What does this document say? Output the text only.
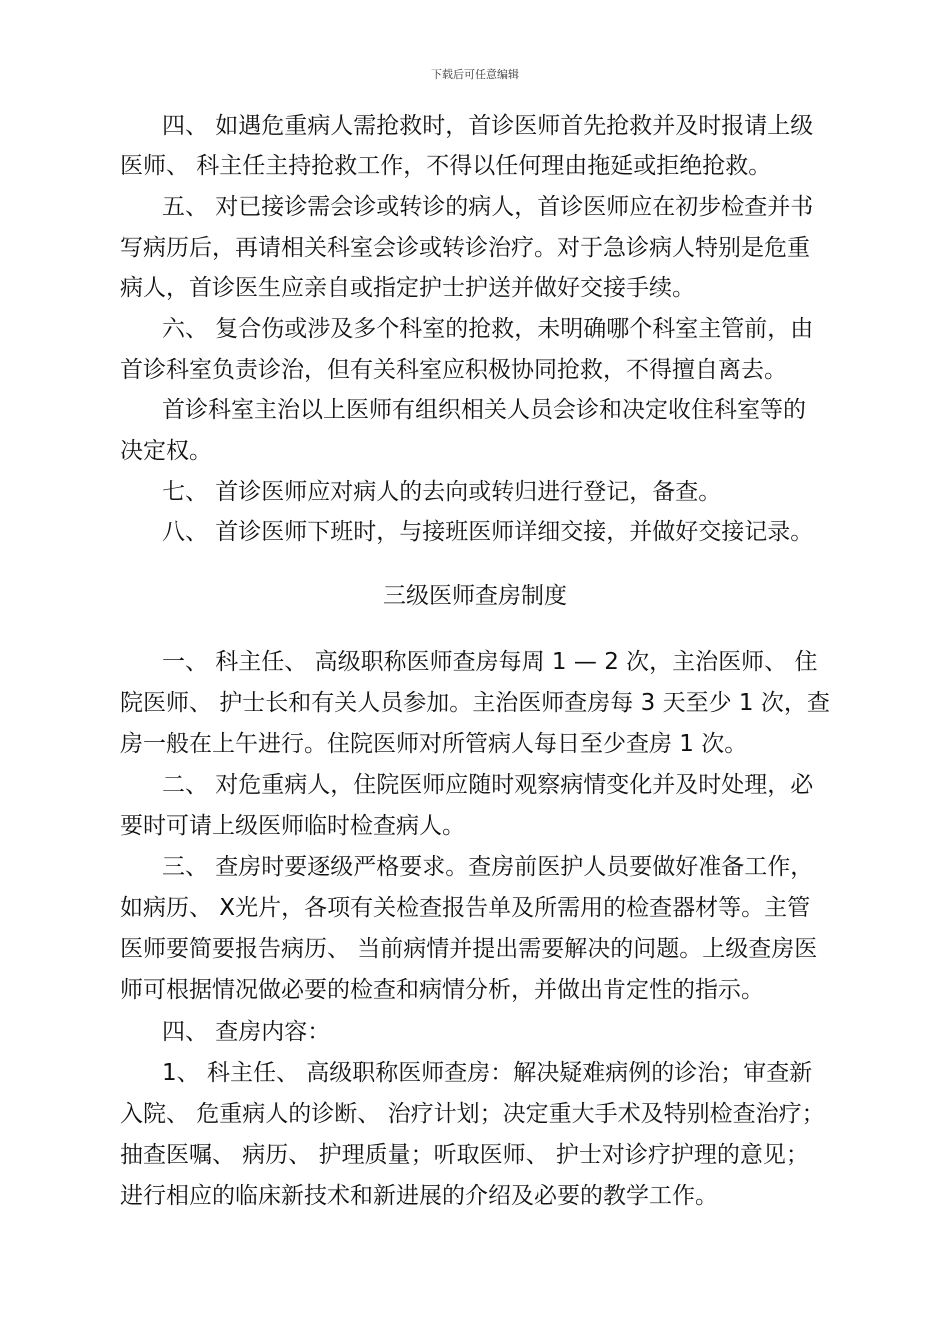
下载后可任意编辑
四、 如遇危重病人需抢救时，首诊医师首先抢救并及时报请上级
医师、 科主任主持抢救工作，不得以任何理由拖延或拒绝抢救。
五、 对已接诊需会诊或转诊的病人，首诊医师应在初步检查并书
写病历后，再请相关科室会诊或转诊治疗。对于急诊病人特别是危重
病人，首诊医生应亲自或指定护士护送并做好交接手续。
六、 复合伤或涉及多个科室的抢救，未明确哪个科室主管前，由
首诊科室负责诊治，但有关科室应积极协同抢救，不得擅自离去。
首诊科室主治以上医师有组织相关人员会诊和决定收住科室等的
决定权。
七、 首诊医师应对病人的去向或转归进行登记，备查。
八、 首诊医师下班时，与接班医师详细交接，并做好交接记录。
三级医师查房制度
一、 科主任、 高级职称医师查房每周 1 — 2 次，主治医师、 住
院医师、 护士长和有关人员参加。主治医师查房每 3 天至少 1 次，查
房一般在上午进行。住院医师对所管病人每日至少查房 1 次。
二、 对危重病人，住院医师应随时观察病情变化并及时处理，必
要时可请上级医师临时检查病人。
三、 查房时要逐级严格要求。查房前医护人员要做好准备工作，
如病历、 X光片，各项有关检查报告单及所需用的检查器材等。主管
医师要简要报告病历、 当前病情并提出需要解决的问题。上级查房医
师可根据情况做必要的检查和病情分析，并做出肯定性的指示。
四、 查房内容：
1、 科主任、 高级职称医师查房：解决疑难病例的诊治；审查新
入院、 危重病人的诊断、 治疗计划；决定重大手术及特别检查治疗；
抽查医嘱、 病历、 护理质量；听取医师、 护士对诊疗护理的意见；
进行相应的临床新技术和新进展的介绍及必要的教学工作。
